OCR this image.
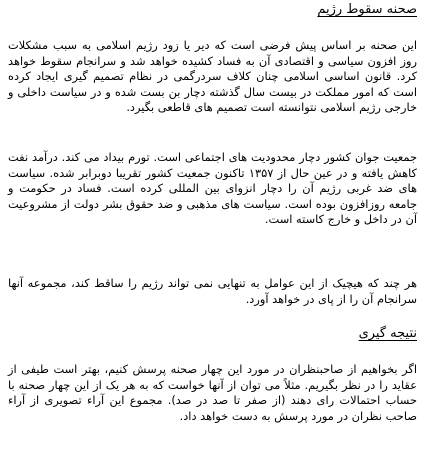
صحنه سقوط رژیم

این صحنه بر اساس پیش فرضی است که دیر یا زود رژیم اسلامی به سبب مشکلات روز افزون سیاسی و اقتصادی آن به فساد کشیده خواهد شد و سرانجام سقوط خواهد کرد. قانون اساسی اسلامی چنان کلاف سردرگمی در نظام تصمیم گیری ایجاد کرده است که امور مملکت در بیست سال گذشته دچار بن بست شده و در سیاست داخلی و خارجی رژیم اسلامی نتوانسته است تصمیم های قاطعی بگیرد.

جمعیت جوان کشور دچار محدودیت های اجتماعی است. تورم بیداد می کند. درآمد نفت کاهش یافته و در عین حال از ۱۳۵۷ تاکنون جمعیت کشور تقریبا دوبرابر شده. سیاست های ضد غربی رژیم آن را دچار انزوای بین المللی کرده است. فساد در حکومت و جامعه روزافزون بوده است. سیاست های مذهبی و ضد حقوق بشر دولت از مشروعیت آن در داخل و خارج کاسته است.

هر چند که هیچیک از این عوامل به تنهایی نمی تواند رژیم را ساقط کند، مجموعه آنها سرانجام آن را از پای در خواهد آورد.

نتیجه گیری

اگر بخواهیم از صاحبنظران در مورد این چهار صحنه پرسش کنیم، بهتر است طیفی از عقاید را در نظر بگیریم. مثلاً می توان از آنها خواست که به هر یک از این چهار صحنه با حساب احتمالات رای دهند (از صفر تا صد در صد). مجموع این آراء تصویری از آراء صاحب نظران در مورد پرسش به دست خواهد داد.
